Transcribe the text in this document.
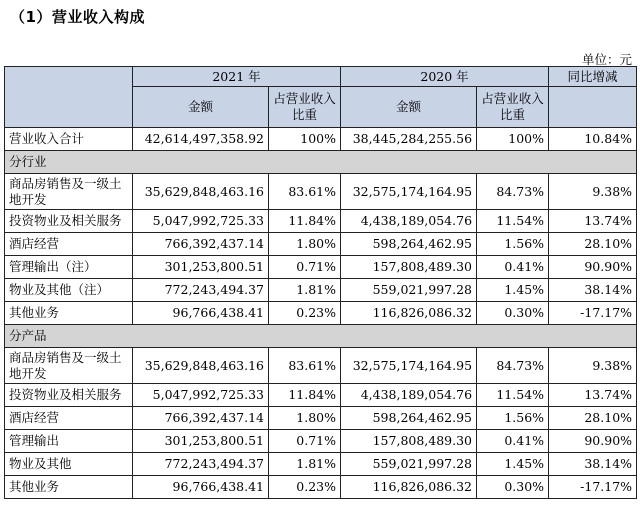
（1）营业收入构成
单位：元
	2021 年		2020 年		同比增减
	金额	占营业收入比重	金额	占营业收入比重	
营业收入合计	42,614,497,358.92	100%	38,445,284,255.56	100%	10.84%
分行业					
商品房销售及一级土地开发	35,629,848,463.16	83.61%	32,575,174,164.95	84.73%	9.38%
投资物业及相关服务	5,047,992,725.33	11.84%	4,438,189,054.76	11.54%	13.74%
酒店经营	766,392,437.14	1.80%	598,264,462.95	1.56%	28.10%
管理输出（注）	301,253,800.51	0.71%	157,808,489.30	0.41%	90.90%
物业及其他（注）	772,243,494.37	1.81%	559,021,997.28	1.45%	38.14%
其他业务	96,766,438.41	0.23%	116,826,086.32	0.30%	-17.17%
分产品					
商品房销售及一级土地开发	35,629,848,463.16	83.61%	32,575,174,164.95	84.73%	9.38%
投资物业及相关服务	5,047,992,725.33	11.84%	4,438,189,054.76	11.54%	13.74%
酒店经营	766,392,437.14	1.80%	598,264,462.95	1.56%	28.10%
管理输出	301,253,800.51	0.71%	157,808,489.30	0.41%	90.90%
物业及其他	772,243,494.37	1.81%	559,021,997.28	1.45%	38.14%
其他业务	96,766,438.41	0.23%	116,826,086.32	0.30%	-17.17%
